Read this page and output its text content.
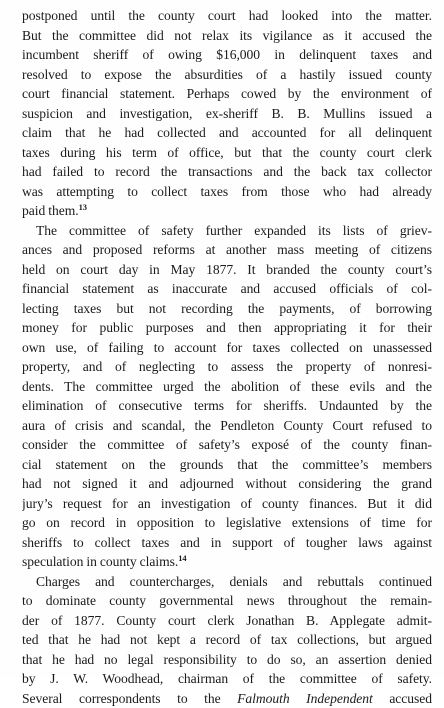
postponed until the county court had looked into the matter.
But the committee did not relax its vigilance as it accused the
incumbent sheriff of owing $16,000 in delinquent taxes and
resolved to expose the absurdities of a hastily issued county
court financial statement. Perhaps cowed by the environment of
suspicion and investigation, ex-sheriff B. B. Mullins issued a
claim that he had collected and accounted for all delinquent
taxes during his term of office, but that the county court clerk
had failed to record the transactions and the back tax collector
was attempting to collect taxes from those who had already
paid them.$^{13}$
The committee of safety further expanded its lists of griev-
ances and proposed reforms at another mass meeting of citizens
held on court day in May 1877. It branded the county court’s
financial statement as inaccurate and accused officials of col-
lecting taxes but not recording the payments, of borrowing
money for public purposes and then appropriating it for their
own use, of failing to account for taxes collected on unassessed
property, and of neglecting to assess the property of nonresi-
dents. The committee urged the abolition of these evils and the
elimination of consecutive terms for sheriffs. Undaunted by the
aura of crisis and scandal, the Pendleton County Court refused to
consider the committee of safety’s exposé of the county finan-
cial statement on the grounds that the committee’s members
had not signed it and adjourned without considering the grand
jury’s request for an investigation of county finances. But it did
go on record in opposition to legislative extensions of time for
sheriffs to collect taxes and in support of tougher laws against
speculation in county claims.$^{14}$
Charges and countercharges, denials and rebuttals continued
to dominate county governmental news throughout the remain-
der of 1877. County court clerk Jonathan B. Applegate admit-
ted that he had not kept a record of tax collections, but argued
that he had no legal responsibility to do so, an assertion denied
by J. W. Woodhead, chairman of the committee of safety.
Several correspondents to the Falmouth Independent accused
